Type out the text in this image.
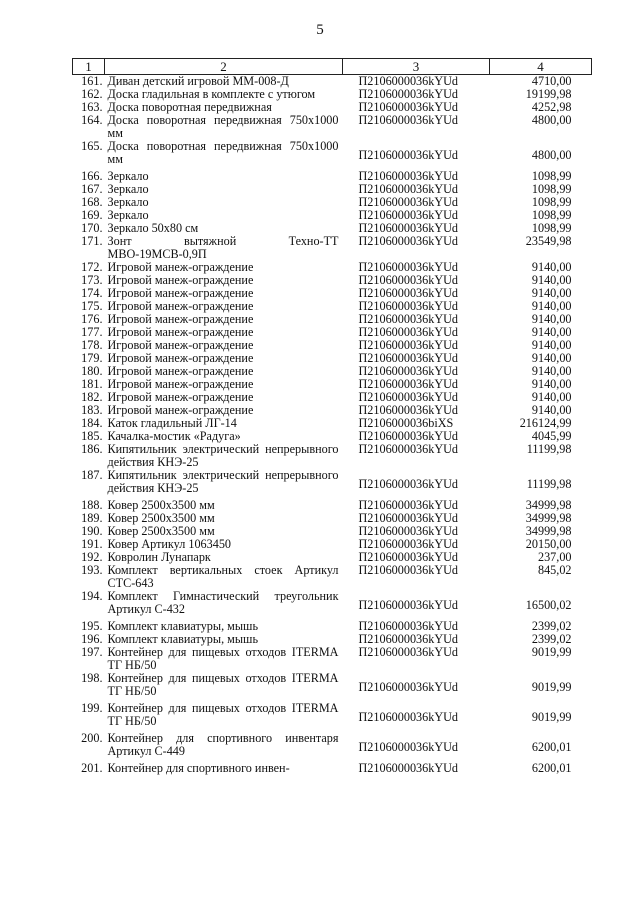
5
1	2	3	4
161.	Диван детский игровой ММ-008-Д	П2106000036kYUd	4710,00
162.	Доска гладильная в комплекте с утюгом	П2106000036kYUd	19199,98
163.	Доска поворотная передвижная	П2106000036kYUd	4252,98
164.	Доска поворотная передвижная 750х1000 мм	П2106000036kYUd	4800,00
165.	Доска поворотная передвижная 750х1000 мм	П2106000036kYUd	4800,00
166.	Зеркало	П2106000036kYUd	1098,99
167.	Зеркало	П2106000036kYUd	1098,99
168.	Зеркало	П2106000036kYUd	1098,99
169.	Зеркало	П2106000036kYUd	1098,99
170.	Зеркало 50х80 см	П2106000036kYUd	1098,99
171.	Зонт вытяжной Техно-ТТ МВО-19МСВ-0,9П	П2106000036kYUd	23549,98
172.	Игровой манеж-ограждение	П2106000036kYUd	9140,00
173.	Игровой манеж-ограждение	П2106000036kYUd	9140,00
174.	Игровой манеж-ограждение	П2106000036kYUd	9140,00
175.	Игровой манеж-ограждение	П2106000036kYUd	9140,00
176.	Игровой манеж-ограждение	П2106000036kYUd	9140,00
177.	Игровой манеж-ограждение	П2106000036kYUd	9140,00
178.	Игровой манеж-ограждение	П2106000036kYUd	9140,00
179.	Игровой манеж-ограждение	П2106000036kYUd	9140,00
180.	Игровой манеж-ограждение	П2106000036kYUd	9140,00
181.	Игровой манеж-ограждение	П2106000036kYUd	9140,00
182.	Игровой манеж-ограждение	П2106000036kYUd	9140,00
183.	Игровой манеж-ограждение	П2106000036kYUd	9140,00
184.	Каток гладильный ЛГ-14	П2106000036biXS	216124,99
185.	Качалка-мостик «Радуга»	П2106000036kYUd	4045,99
186.	Кипятильник электрический непрерывного действия КНЭ-25	П2106000036kYUd	11199,98
187.	Кипятильник электрический непрерывного действия КНЭ-25	П2106000036kYUd	11199,98
188.	Ковер 2500х3500 мм	П2106000036kYUd	34999,98
189.	Ковер 2500х3500 мм	П2106000036kYUd	34999,98
190.	Ковер 2500х3500 мм	П2106000036kYUd	34999,98
191.	Ковер Артикул 1063450	П2106000036kYUd	20150,00
192.	Ковролин Лунапарк	П2106000036kYUd	237,00
193.	Комплект вертикальных стоек Артикул СТС-643	П2106000036kYUd	845,02
194.	Комплект Гимнастический треугольник Артикул С-432	П2106000036kYUd	16500,02
195.	Комплект клавиатуры, мышь	П2106000036kYUd	2399,02
196.	Комплект клавиатуры, мышь	П2106000036kYUd	2399,02
197.	Контейнер для пищевых отходов ITERMA ТГ НБ/50	П2106000036kYUd	9019,99
198.	Контейнер для пищевых отходов ITERMA ТГ НБ/50	П2106000036kYUd	9019,99
199.	Контейнер для пищевых отходов ITERMA ТГ НБ/50	П2106000036kYUd	9019,99
200.	Контейнер для спортивного инвентаря Артикул С-449	П2106000036kYUd	6200,01
201.	Контейнер для спортивного инвен-	П2106000036kYUd	6200,01
